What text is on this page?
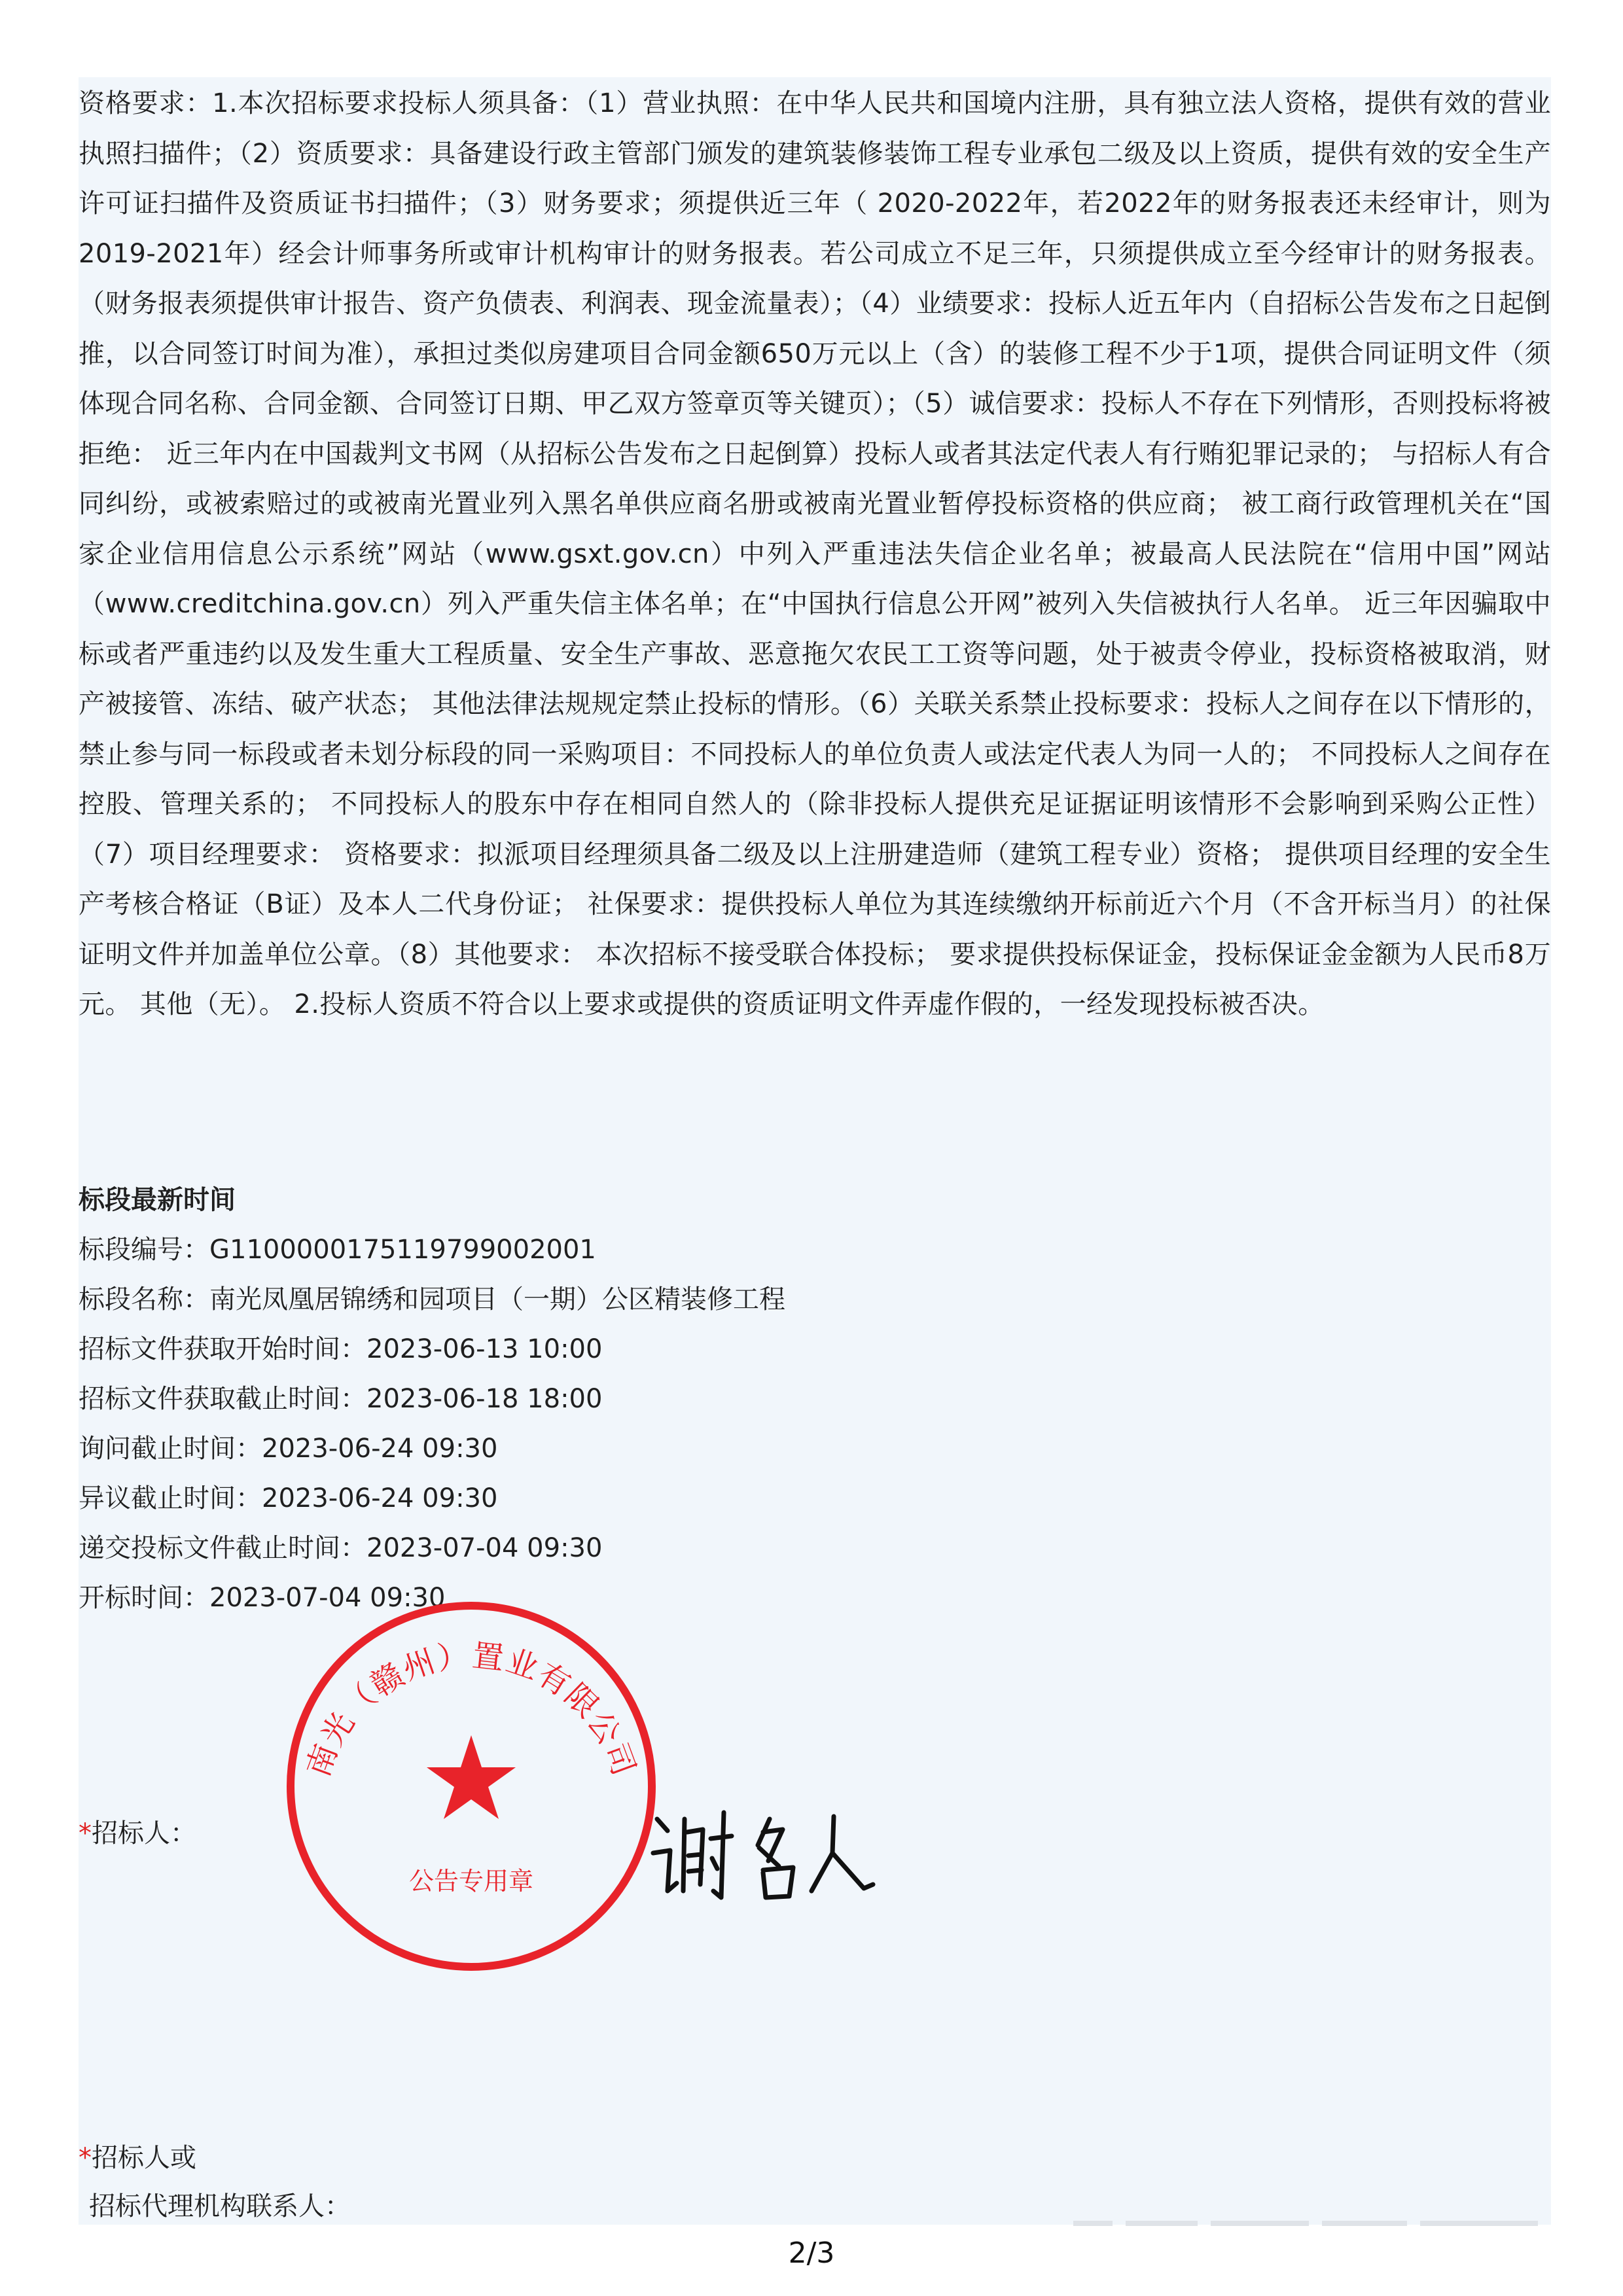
资格要求：1.本次招标要求投标人须具备：（1）营业执照：在中华人民共和国境内注册，具有独立法人资格，提供有效的营业执照扫描件；（2）资质要求：具备建设行政主管部门颁发的建筑装修装饰工程专业承包二级及以上资质，提供有效的安全生产许可证扫描件及资质证书扫描件；（3）财务要求；须提供近三年（ 2020-2022年，若2022年的财务报表还未经审计，则为2019-2021年）经会计师事务所或审计机构审计的财务报表。若公司成立不足三年，只须提供成立至今经审计的财务报表。（财务报表须提供审计报告、资产负债表、利润表、现金流量表）；（4）业绩要求：投标人近五年内（自招标公告发布之日起倒推，以合同签订时间为准），承担过类似房建项目合同金额650万元以上（含）的装修工程不少于1项，提供合同证明文件（须体现合同名称、合同金额、合同签订日期、甲乙双方签章页等关键页）；（5）诚信要求：投标人不存在下列情形，否则投标将被拒绝： 近三年内在中国裁判文书网（从招标公告发布之日起倒算）投标人或者其法定代表人有行贿犯罪记录的； 与招标人有合同纠纷，或被索赔过的或被南光置业列入黑名单供应商名册或被南光置业暂停投标资格的供应商； 被工商行政管理机关在“国家企业信用信息公示系统”网站（www.gsxt.gov.cn）中列入严重违法失信企业名单；被最高人民法院在“信用中国”网站（www.creditchina.gov.cn）列入严重失信主体名单；在“中国执行信息公开网”被列入失信被执行人名单。 近三年因骗取中标或者严重违约以及发生重大工程质量、安全生产事故、恶意拖欠农民工工资等问题，处于被责令停业，投标资格被取消，财产被接管、冻结、破产状态； 其他法律法规规定禁止投标的情形。（6）关联关系禁止投标要求：投标人之间存在以下情形的，禁止参与同一标段或者未划分标段的同一采购项目：不同投标人的单位负责人或法定代表人为同一人的； 不同投标人之间存在控股、管理关系的； 不同投标人的股东中存在相同自然人的（除非投标人提供充足证据证明该情形不会影响到采购公正性）（7）项目经理要求： 资格要求：拟派项目经理须具备二级及以上注册建造师（建筑工程专业）资格； 提供项目经理的安全生产考核合格证（B证）及本人二代身份证； 社保要求：提供投标人单位为其连续缴纳开标前近六个月（不含开标当月）的社保证明文件并加盖单位公章。（8）其他要求： 本次招标不接受联合体投标； 要求提供投标保证金，投标保证金金额为人民币8万元。 其他（无）。 2.投标人资质不符合以上要求或提供的资质证明文件弄虚作假的，一经发现投标被否决。

标段最新时间

标段编号：G1100000175119799002001

标段名称：南光凤凰居锦绣和园项目（一期）公区精装修工程

招标文件获取开始时间：2023-06-13 10:00

招标文件获取截止时间：2023-06-18 18:00

询问截止时间：2023-06-24 09:30

异议截止时间：2023-06-24 09:30

递交投标文件截止时间：2023-07-04 09:30

开标时间：2023-07-04 09:30

*招标人：

*招标人或

招标代理机构联系人：

南光（赣州）置业有限公司
公告专用章
2/3
